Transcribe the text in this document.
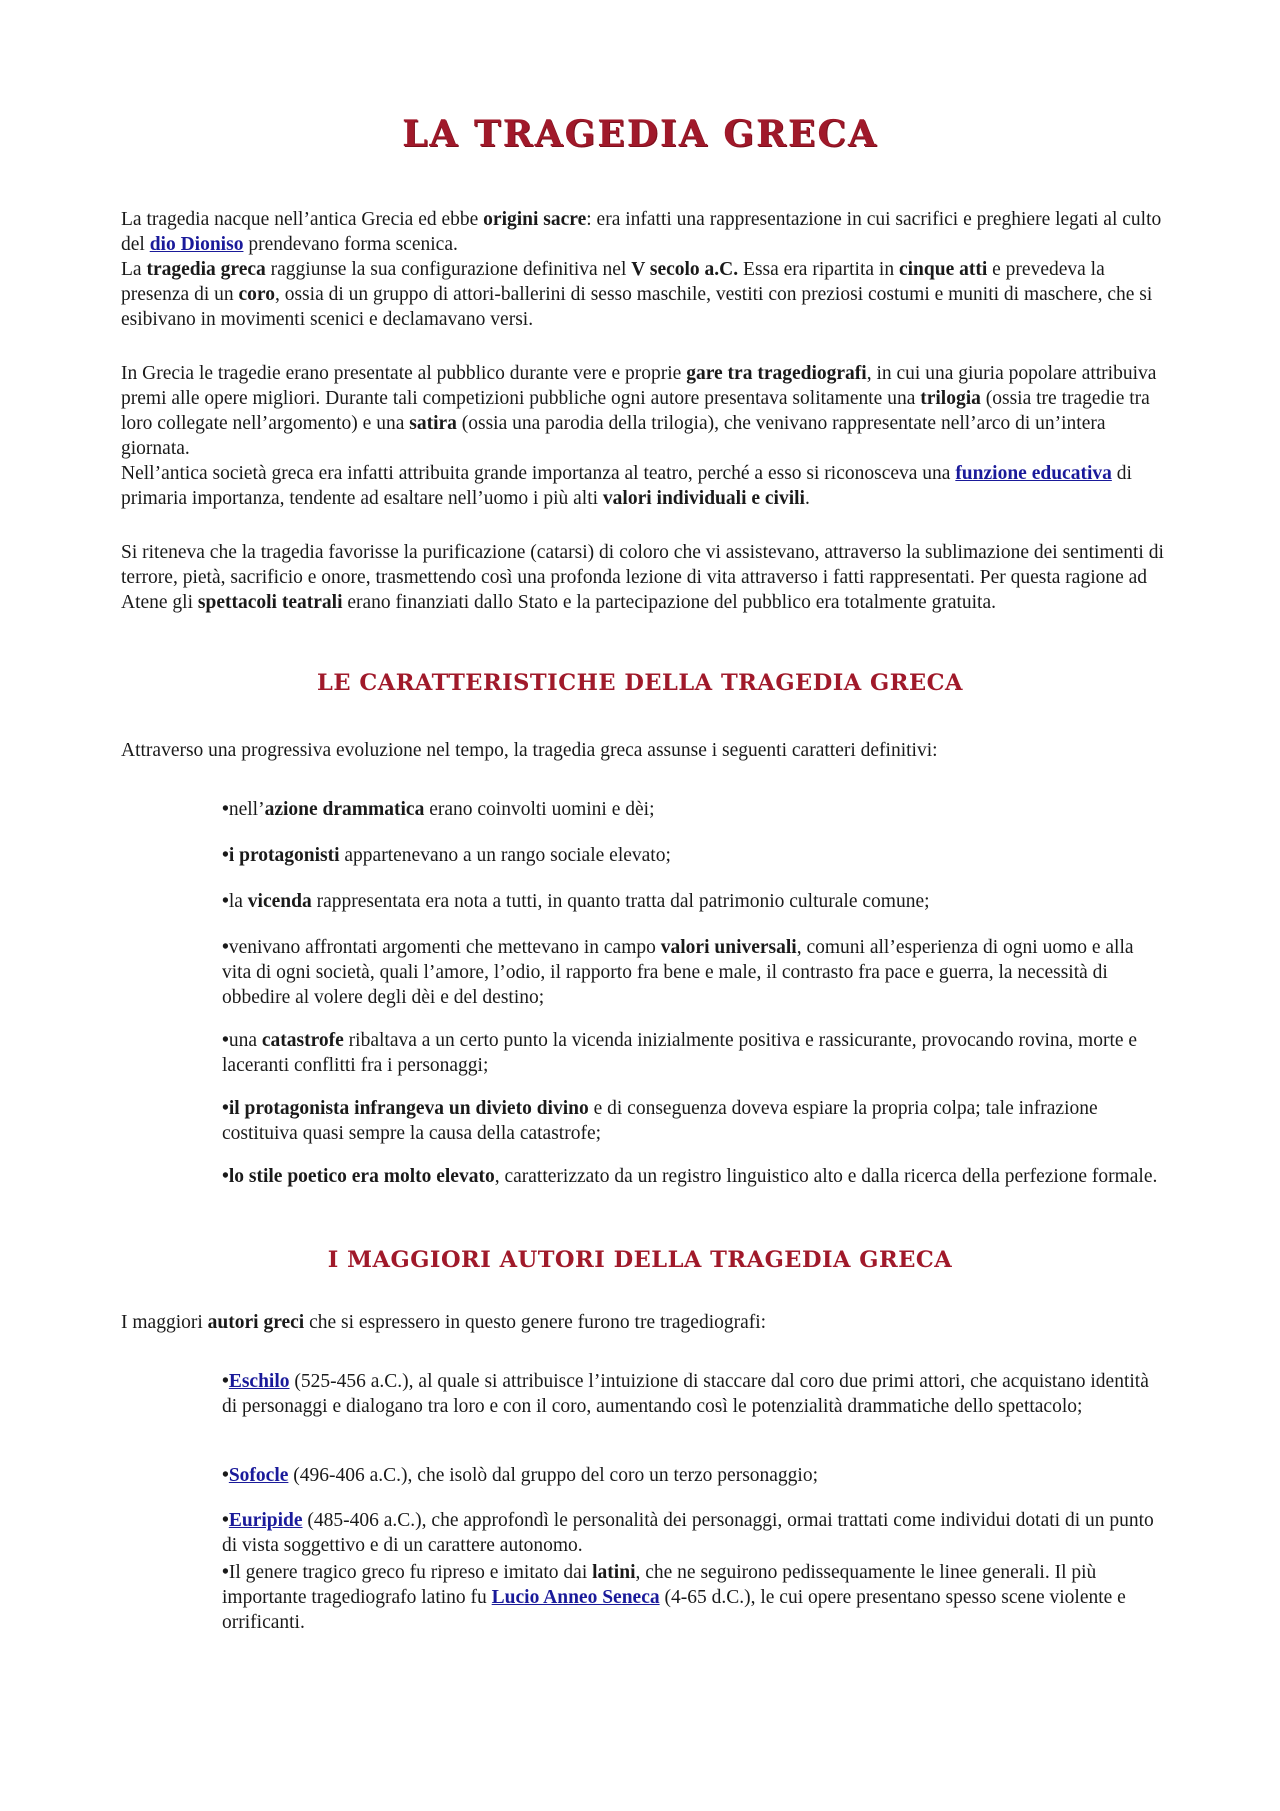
LA TRAGEDIA GRECA

La tragedia nacque nell’antica Grecia ed ebbe origini sacre: era infatti una rappresentazione in cui sacrifici e preghiere legati al culto del dio Dioniso prendevano forma scenica.
La tragedia greca raggiunse la sua configurazione definitiva nel V secolo a.C. Essa era ripartita in cinque atti e prevedeva la presenza di un coro, ossia di un gruppo di attori-ballerini di sesso maschile, vestiti con preziosi costumi e muniti di maschere, che si esibivano in movimenti scenici e declamavano versi.

In Grecia le tragedie erano presentate al pubblico durante vere e proprie gare tra tragediografi, in cui una giuria popolare attribuiva premi alle opere migliori. Durante tali competizioni pubbliche ogni autore presentava solitamente una trilogia (ossia tre tragedie tra loro collegate nell’argomento) e una satira (ossia una parodia della trilogia), che venivano rappresentate nell’arco di un’intera giornata.
Nell’antica società greca era infatti attribuita grande importanza al teatro, perché a esso si riconosceva una funzione educativa di primaria importanza, tendente ad esaltare nell’uomo i più alti valori individuali e civili.

Si riteneva che la tragedia favorisse la purificazione (catarsi) di coloro che vi assistevano, attraverso la sublimazione dei sentimenti di terrore, pietà, sacrificio e onore, trasmettendo così una profonda lezione di vita attraverso i fatti rappresentati. Per questa ragione ad Atene gli spettacoli teatrali erano finanziati dallo Stato e la partecipazione del pubblico era totalmente gratuita.

LE CARATTERISTICHE DELLA TRAGEDIA GRECA

Attraverso una progressiva evoluzione nel tempo, la tragedia greca assunse i seguenti caratteri definitivi:

•nell’azione drammatica erano coinvolti uomini e dèi;

•i protagonisti appartenevano a un rango sociale elevato;

•la vicenda rappresentata era nota a tutti, in quanto tratta dal patrimonio culturale comune;

•venivano affrontati argomenti che mettevano in campo valori universali, comuni all’esperienza di ogni uomo e alla vita di ogni società, quali l’amore, l’odio, il rapporto fra bene e male, il contrasto fra pace e guerra, la necessità di obbedire al volere degli dèi e del destino;

•una catastrofe ribaltava a un certo punto la vicenda inizialmente positiva e rassicurante, provocando rovina, morte e laceranti conflitti fra i personaggi;

•il protagonista infrangeva un divieto divino e di conseguenza doveva espiare la propria colpa; tale infrazione costituiva quasi sempre la causa della catastrofe;

•lo stile poetico era molto elevato, caratterizzato da un registro linguistico alto e dalla ricerca della perfezione formale.

I MAGGIORI AUTORI DELLA TRAGEDIA GRECA

I maggiori autori greci che si espressero in questo genere furono tre tragediografi:

•Eschilo (525-456 a.C.), al quale si attribuisce l’intuizione di staccare dal coro due primi attori, che acquistano identità di personaggi e dialogano tra loro e con il coro, aumentando così le potenzialità drammatiche dello spettacolo;

•Sofocle (496-406 a.C.), che isolò dal gruppo del coro un terzo personaggio;

•Euripide (485-406 a.C.), che approfondì le personalità dei personaggi, ormai trattati come individui dotati di un punto di vista soggettivo e di un carattere autonomo.

•Il genere tragico greco fu ripreso e imitato dai latini, che ne seguirono pedissequamente le linee generali. Il più importante tragediografo latino fu Lucio Anneo Seneca (4-65 d.C.), le cui opere presentano spesso scene violente e orrificanti.
